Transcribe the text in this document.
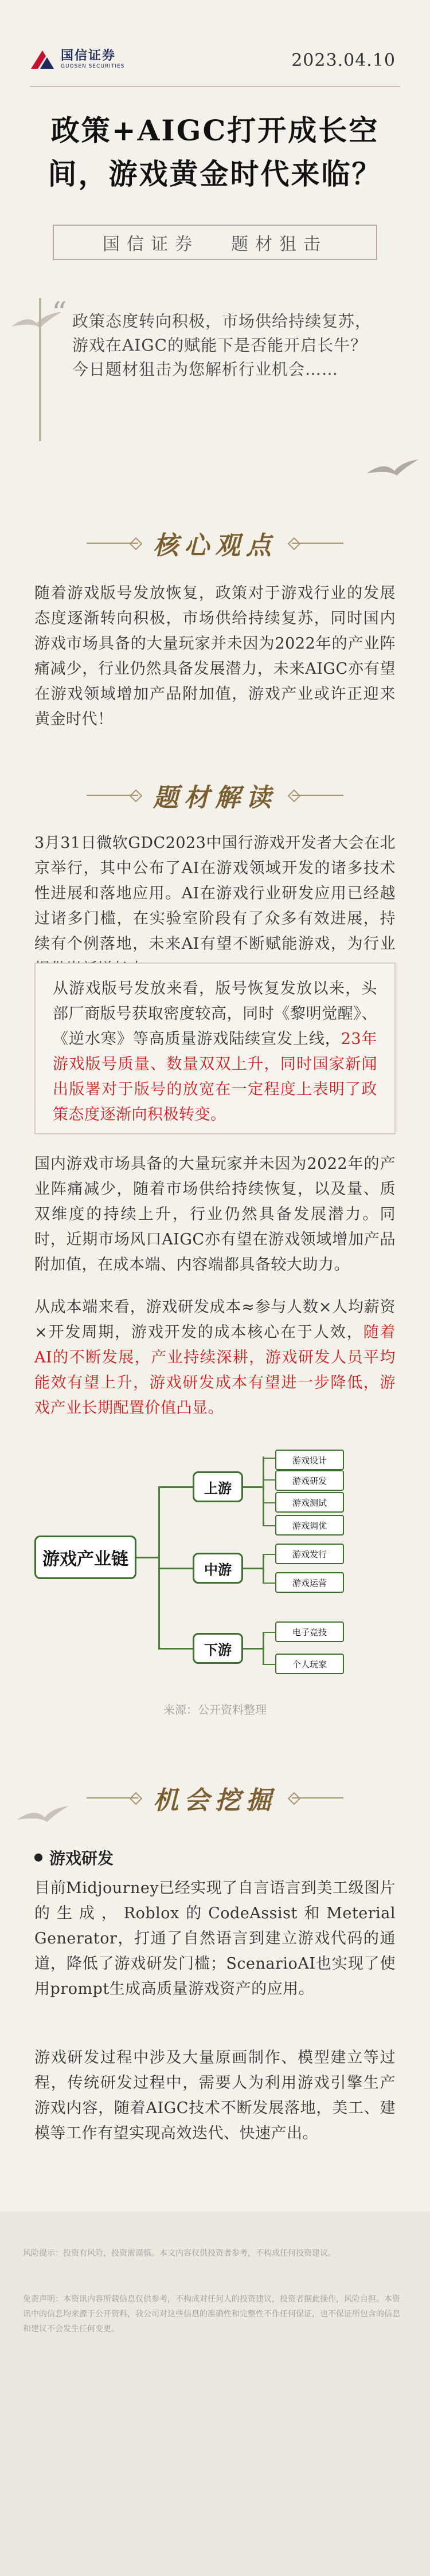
国信证券
GUOSEN SECURITIES	2023.04.10
政策+AIGC打开成长空
间，游戏黄金时代来临？
国信证券 题材狙击
“ 政策态度转向积极，市场供给持续复苏，游戏在AIGC的赋能下是否能开启长牛？今日题材狙击为您解析行业机会……
核心观点
随着游戏版号发放恢复，政策对于游戏行业的发展态度逐渐转向积极，市场供给持续复苏，同时国内游戏市场具备的大量玩家并未因为2022年的产业阵痛减少，行业仍然具备发展潜力，未来AIGC亦有望在游戏领域增加产品附加值，游戏产业或许正迎来黄金时代！
题材解读
3月31日微软GDC2023中国行游戏开发者大会在北京举行，其中公布了AI在游戏领域开发的诸多技术性进展和落地应用。AI在游戏行业研发应用已经越过诸多门槛，在实验室阶段有了众多有效进展，持续有个例落地，未来AI有望不断赋能游戏，为行业
从游戏版号发放来看，版号恢复发放以来，头部厂商版号获取密度较高，同时《黎明觉醒》、《逆水寒》等高质量游戏陆续宣发上线，23年游戏版号质量、数量双双上升，同时国家新闻出版署对于版号的放宽在一定程度上表明了政策态度逐渐向积极转变。
国内游戏市场具备的大量玩家并未因为2022年的产业阵痛减少，随着市场供给持续恢复，以及量、质双维度的持续上升，行业仍然具备发展潜力。同时，近期市场风口AIGC亦有望在游戏领域增加产品附加值，在成本端、内容端都具备较大助力。
从成本端来看，游戏研发成本≈参与人数×人均薪资×开发周期，游戏开发的成本核心在于人效，随着AI的不断发展，产业持续深耕，游戏研发人员平均能效有望上升，游戏研发成本有望进一步降低，游戏产业长期配置价值凸显。
游戏产业链
上游
中游
下游
游戏设计
游戏研发
游戏测试
游戏调优
游戏发行
游戏运营
电子竞技
个人玩家
来源：公开资料整理
机会挖掘
游戏研发
目前Midjourney已经实现了自言语言到美工级图片的生成，Roblox的CodeAssist和Meterial Generator，打通了自然语言到建立游戏代码的通道，降低了游戏研发门槛；ScenarioAI也实现了使用prompt生成高质量游戏资产的应用。
游戏研发过程中涉及大量原画制作、模型建立等过程，传统研发过程中，需要人为利用游戏引擎生产游戏内容，随着AIGC技术不断发展落地，美工、建模等工作有望实现高效迭代、快速产出。
风险提示：投资有风险，投资需谨慎。本文内容仅供投资者参考，不构成任何投资建议。
免责声明：本资讯内容所载信息仅供参考，不构成对任何人的投资建议，投资者据此操作，风险自担。本资讯中的信息均来源于公开资料，我公司对这些信息的准确性和完整性不作任何保证，也不保证所包含的信息和建议不会发生任何变更。
